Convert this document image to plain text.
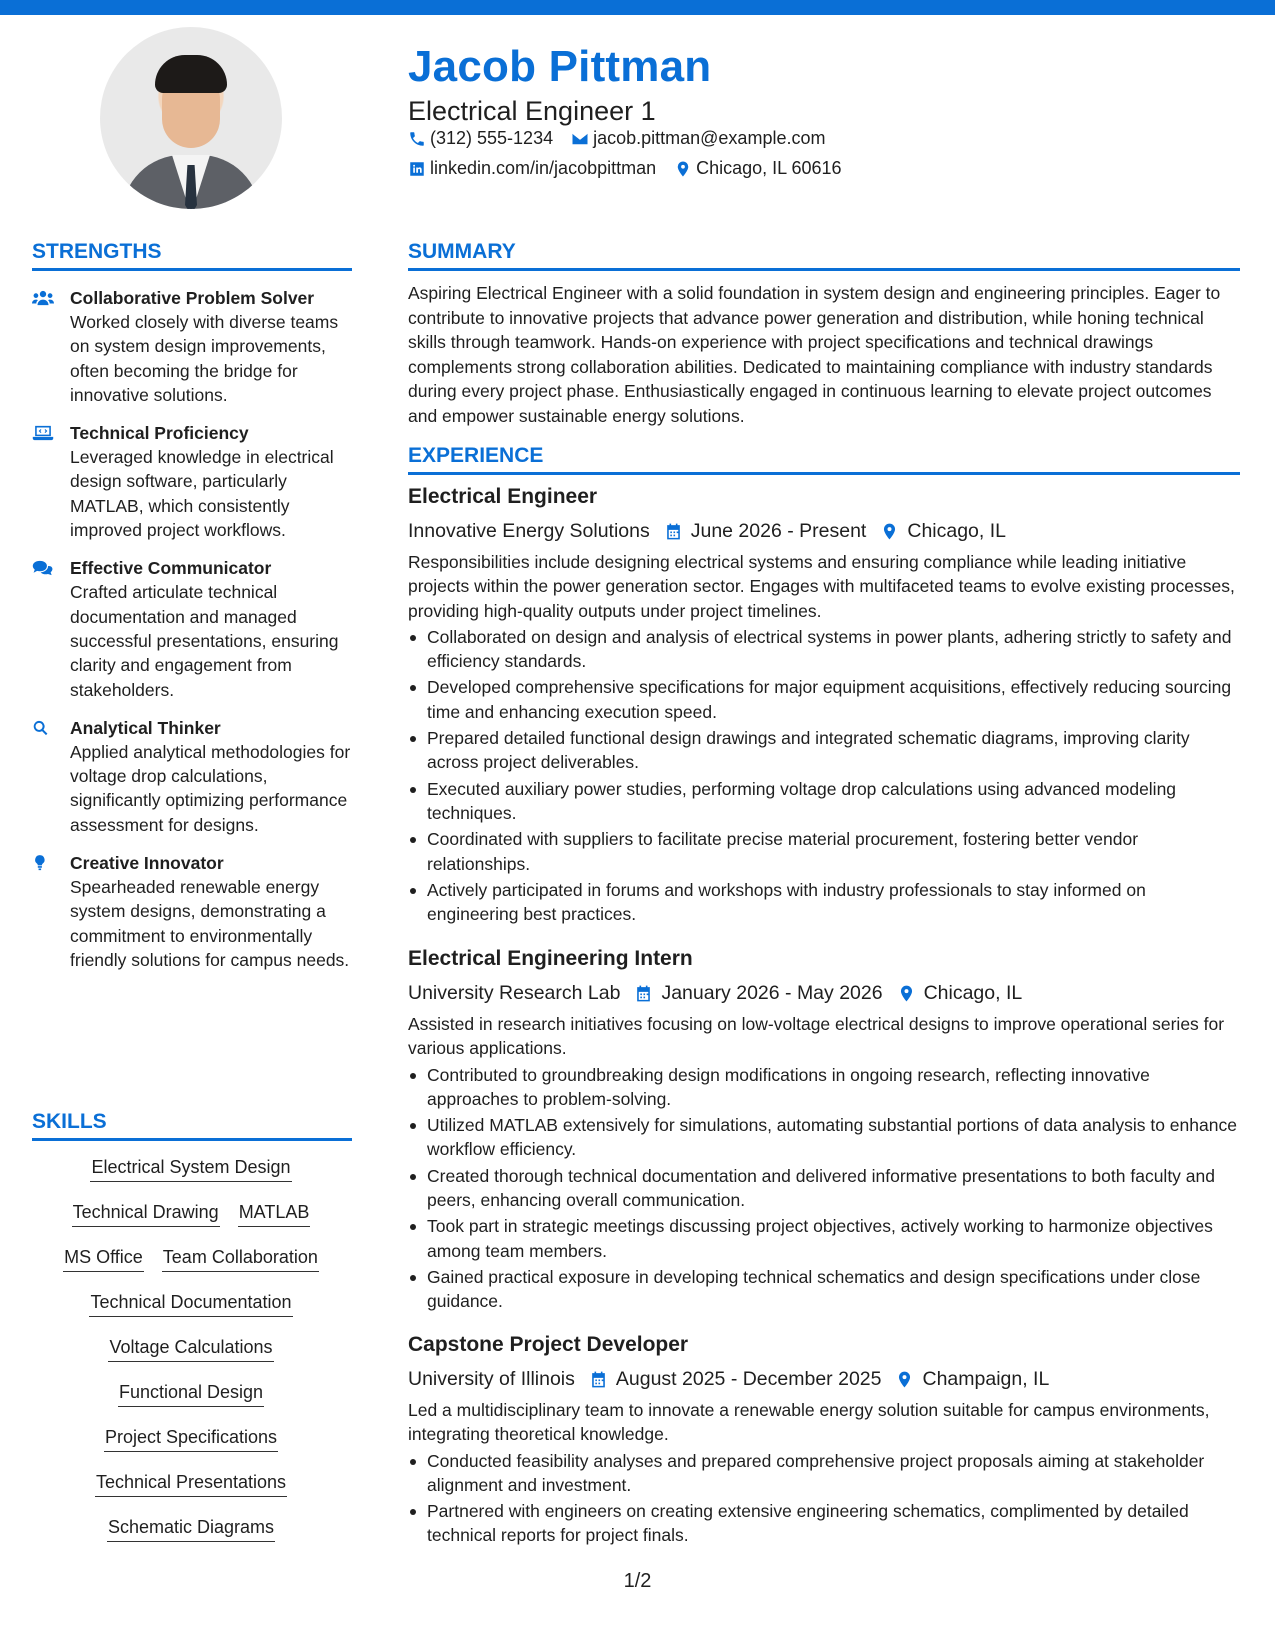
Jacob Pittman
Electrical Engineer 1
(312) 555-1234 jacob.pittman@example.com
linkedin.com/in/jacobpittman Chicago, IL 60616
STRENGTHS
Collaborative Problem Solver
Worked closely with diverse teams on system design improvements, often becoming the bridge for innovative solutions.
Technical Proficiency
Leveraged knowledge in electrical design software, particularly MATLAB, which consistently improved project workflows.
Effective Communicator
Crafted articulate technical documentation and managed successful presentations, ensuring clarity and engagement from stakeholders.
Analytical Thinker
Applied analytical methodologies for voltage drop calculations, significantly optimizing performance assessment for designs.
Creative Innovator
Spearheaded renewable energy system designs, demonstrating a commitment to environmentally friendly solutions for campus needs.
SKILLS
Electrical System Design
Technical Drawing MATLAB
MS Office Team Collaboration
Technical Documentation
Voltage Calculations
Functional Design
Project Specifications
Technical Presentations
Schematic Diagrams
SUMMARY
Aspiring Electrical Engineer with a solid foundation in system design and engineering principles. Eager to contribute to innovative projects that advance power generation and distribution, while honing technical skills through teamwork. Hands-on experience with project specifications and technical drawings complements strong collaboration abilities. Dedicated to maintaining compliance with industry standards during every project phase. Enthusiastically engaged in continuous learning to elevate project outcomes and empower sustainable energy solutions.
EXPERIENCE
Electrical Engineer
Innovative Energy Solutions June 2026 - Present Chicago, IL
Responsibilities include designing electrical systems and ensuring compliance while leading initiative projects within the power generation sector. Engages with multifaceted teams to evolve existing processes, providing high-quality outputs under project timelines.
Collaborated on design and analysis of electrical systems in power plants, adhering strictly to safety and efficiency standards.
Developed comprehensive specifications for major equipment acquisitions, effectively reducing sourcing time and enhancing execution speed.
Prepared detailed functional design drawings and integrated schematic diagrams, improving clarity across project deliverables.
Executed auxiliary power studies, performing voltage drop calculations using advanced modeling techniques.
Coordinated with suppliers to facilitate precise material procurement, fostering better vendor relationships.
Actively participated in forums and workshops with industry professionals to stay informed on engineering best practices.
Electrical Engineering Intern
University Research Lab January 2026 - May 2026 Chicago, IL
Assisted in research initiatives focusing on low-voltage electrical designs to improve operational series for various applications.
Contributed to groundbreaking design modifications in ongoing research, reflecting innovative approaches to problem-solving.
Utilized MATLAB extensively for simulations, automating substantial portions of data analysis to enhance workflow efficiency.
Created thorough technical documentation and delivered informative presentations to both faculty and peers, enhancing overall communication.
Took part in strategic meetings discussing project objectives, actively working to harmonize objectives among team members.
Gained practical exposure in developing technical schematics and design specifications under close guidance.
Capstone Project Developer
University of Illinois August 2025 - December 2025 Champaign, IL
Led a multidisciplinary team to innovate a renewable energy solution suitable for campus environments, integrating theoretical knowledge.
Conducted feasibility analyses and prepared comprehensive project proposals aiming at stakeholder alignment and investment.
Partnered with engineers on creating extensive engineering schematics, complimented by detailed technical reports for project finals.
1/2
